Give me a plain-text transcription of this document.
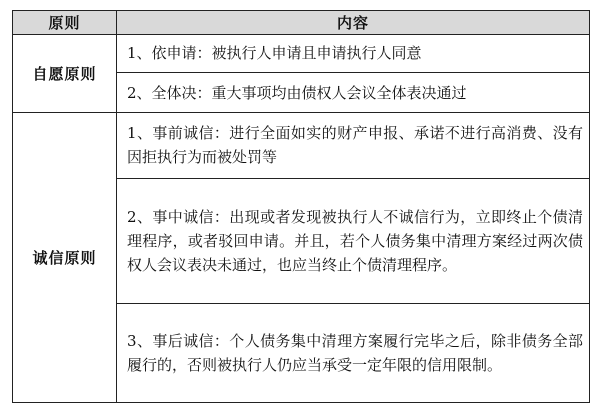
原则	内容
自愿原则	1、依申请：被执行人申请且申请执行人同意
	2、全体决：重大事项均由债权人会议全体表决通过
诚信原则	1、事前诚信：进行全面如实的财产申报、承诺不进行高消费、没有因拒执行为而被处罚等
	2、事中诚信：出现或者发现被执行人不诚信行为，立即终止个债清理程序，或者驳回申请。并且，若个人债务集中清理方案经过两次债权人会议表决未通过，也应当终止个债清理程序。
	3、事后诚信：个人债务集中清理方案履行完毕之后，除非债务全部履行的，否则被执行人仍应当承受一定年限的信用限制。
